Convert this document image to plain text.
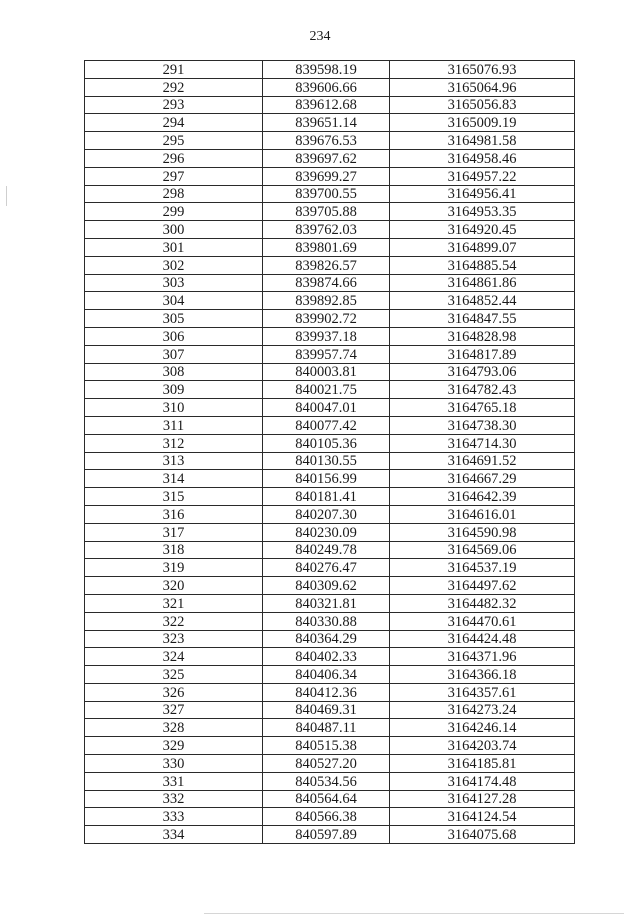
234
291	839598.19	3165076.93
292	839606.66	3165064.96
293	839612.68	3165056.83
294	839651.14	3165009.19
295	839676.53	3164981.58
296	839697.62	3164958.46
297	839699.27	3164957.22
298	839700.55	3164956.41
299	839705.88	3164953.35
300	839762.03	3164920.45
301	839801.69	3164899.07
302	839826.57	3164885.54
303	839874.66	3164861.86
304	839892.85	3164852.44
305	839902.72	3164847.55
306	839937.18	3164828.98
307	839957.74	3164817.89
308	840003.81	3164793.06
309	840021.75	3164782.43
310	840047.01	3164765.18
311	840077.42	3164738.30
312	840105.36	3164714.30
313	840130.55	3164691.52
314	840156.99	3164667.29
315	840181.41	3164642.39
316	840207.30	3164616.01
317	840230.09	3164590.98
318	840249.78	3164569.06
319	840276.47	3164537.19
320	840309.62	3164497.62
321	840321.81	3164482.32
322	840330.88	3164470.61
323	840364.29	3164424.48
324	840402.33	3164371.96
325	840406.34	3164366.18
326	840412.36	3164357.61
327	840469.31	3164273.24
328	840487.11	3164246.14
329	840515.38	3164203.74
330	840527.20	3164185.81
331	840534.56	3164174.48
332	840564.64	3164127.28
333	840566.38	3164124.54
334	840597.89	3164075.68
